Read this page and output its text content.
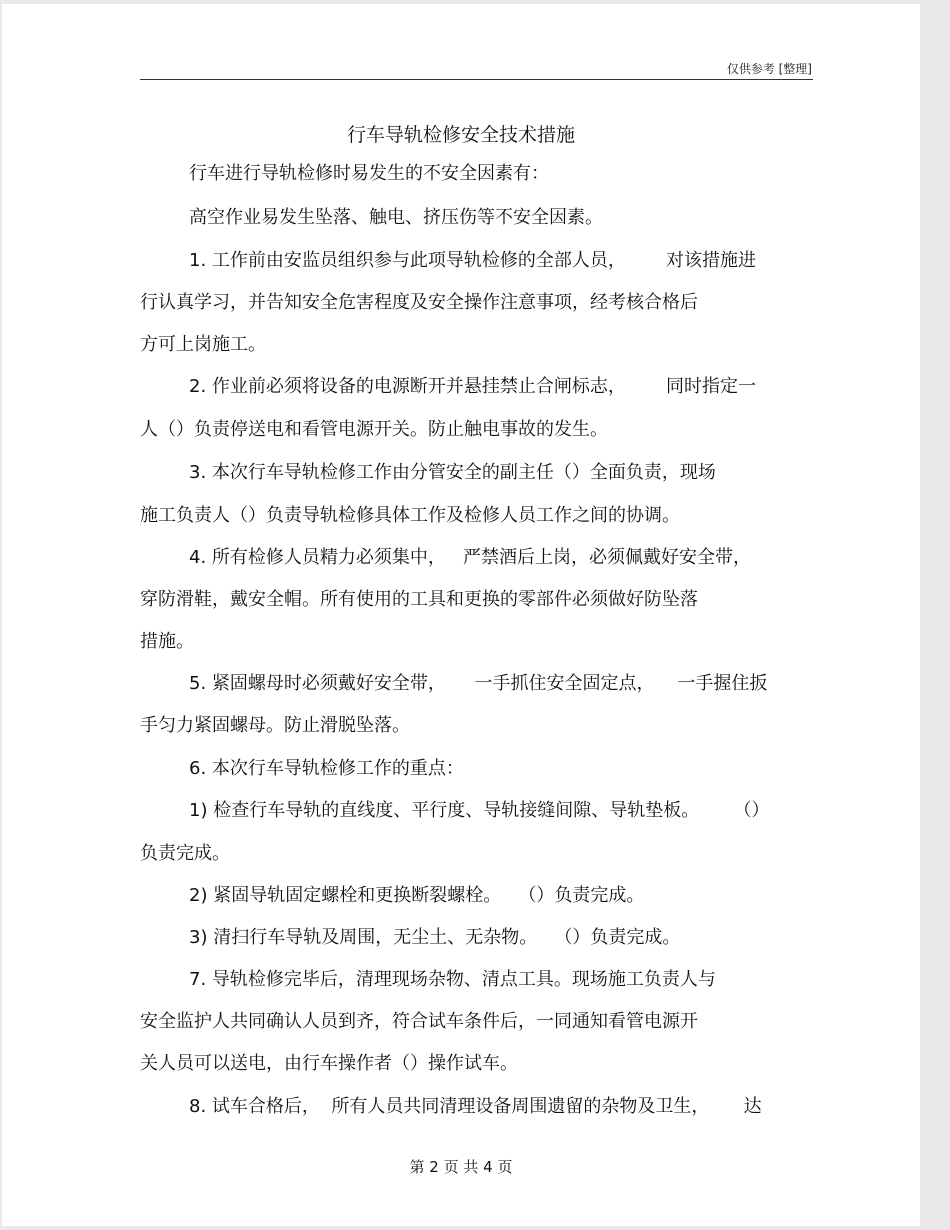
仅供参考 [整理]
行车导轨检修安全技术措施
行车进行导轨检修时易发生的不安全因素有：
高空作业易发生坠落、触电、挤压伤等不安全因素。
1. 工作前由安监员组织参与此项导轨检修的全部人员，       对该措施进
行认真学习，并告知安全危害程度及安全操作注意事项，经考核合格后
方可上岗施工。
2. 作业前必须将设备的电源断开并悬挂禁止合闸标志，       同时指定一
人（）负责停送电和看管电源开关。防止触电事故的发生。
3. 本次行车导轨检修工作由分管安全的副主任（）全面负责，现场
施工负责人（）负责导轨检修具体工作及检修人员工作之间的协调。
4. 所有检修人员精力必须集中，   严禁酒后上岗，必须佩戴好安全带，
穿防滑鞋，戴安全帽。所有使用的工具和更换的零部件必须做好防坠落
措施。
5. 紧固螺母时必须戴好安全带，     一手抓住安全固定点，    一手握住扳
手匀力紧固螺母。防止滑脱坠落。
6. 本次行车导轨检修工作的重点：
1) 检查行车导轨的直线度、平行度、导轨接缝间隙、导轨垫板。      （）
负责完成。
2) 紧固导轨固定螺栓和更换断裂螺栓。   （）负责完成。
3) 清扫行车导轨及周围，无尘土、无杂物。   （）负责完成。
7. 导轨检修完毕后，清理现场杂物、清点工具。现场施工负责人与
安全监护人共同确认人员到齐，符合试车条件后，一同通知看管电源开
关人员可以送电，由行车操作者（）操作试车。
8. 试车合格后，  所有人员共同清理设备周围遗留的杂物及卫生，      达
第 2 页 共 4 页
